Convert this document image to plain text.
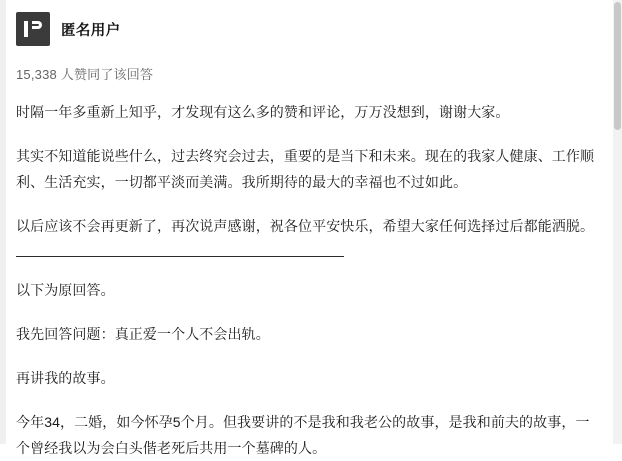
匿名用户
15,338 人赞同了该回答

时隔一年多重新上知乎，才发现有这么多的赞和评论，万万没想到，谢谢大家。

其实不知道能说些什么，过去终究会过去，重要的是当下和未来。现在的我家人健康、工作顺利、生活充实，一切都平淡而美满。我所期待的最大的幸福也不过如此。

以后应该不会再更新了，再次说声感谢，祝各位平安快乐，希望大家任何选择过后都能洒脱。

以下为原回答。

我先回答问题：真正爱一个人不会出轨。

再讲我的故事。

今年34，二婚，如今怀孕5个月。但我要讲的不是我和我老公的故事，是我和前夫的故事，一个曾经我以为会白头偕老死后共用一个墓碑的人。
